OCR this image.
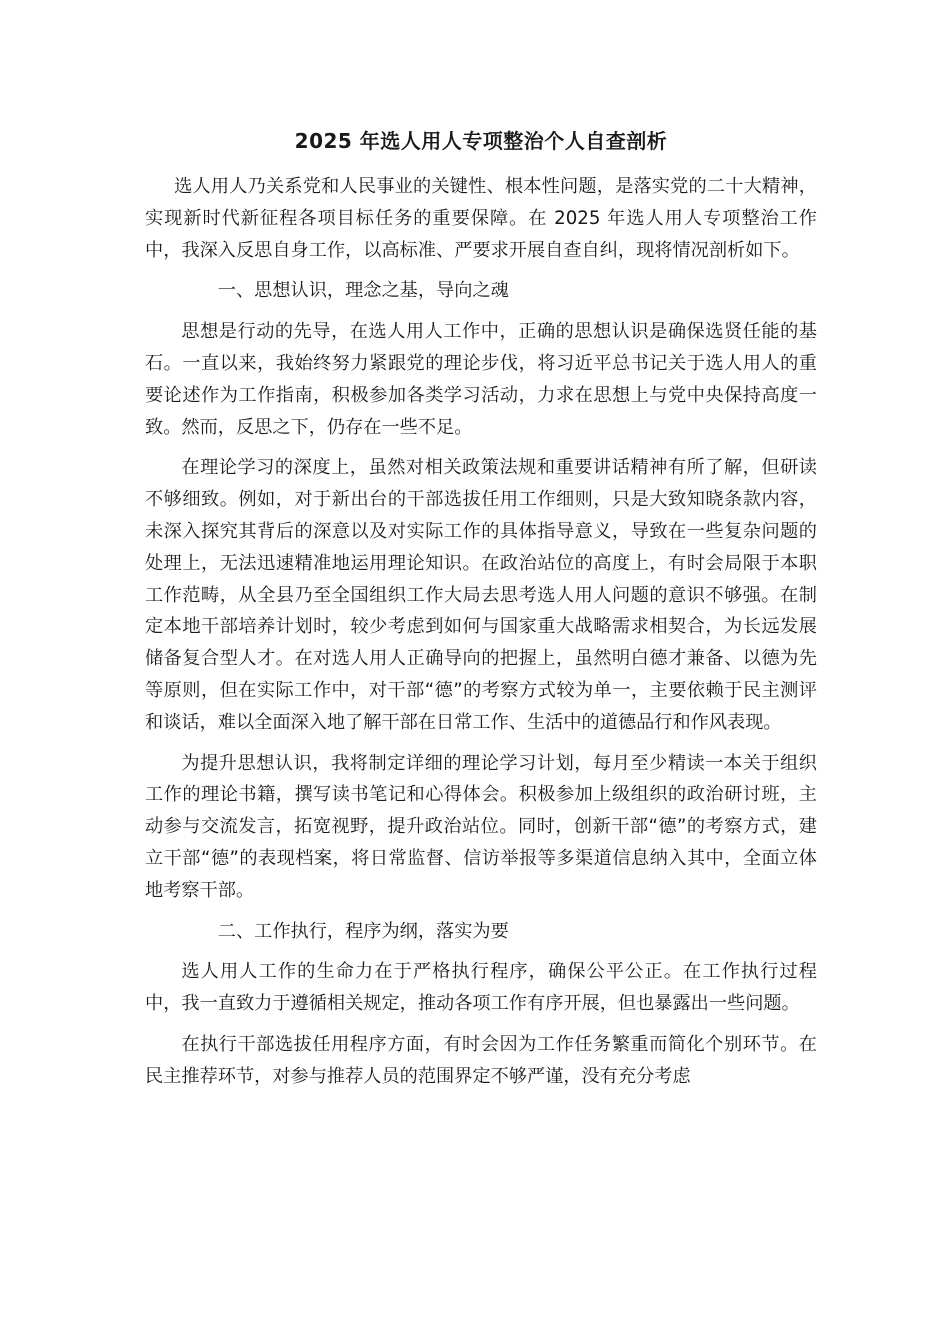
2025 年选人用人专项整治个人自查剖析

选人用人乃关系党和人民事业的关键性、根本性问题，是落实党的二十大精神，实现新时代新征程各项目标任务的重要保障。在 2025 年选人用人专项整治工作中，我深入反思自身工作，以高标准、严要求开展自查自纠，现将情况剖析如下。

一、思想认识，理念之基，导向之魂

思想是行动的先导，在选人用人工作中，正确的思想认识是确保选贤任能的基石。一直以来，我始终努力紧跟党的理论步伐，将习近平总书记关于选人用人的重要论述作为工作指南，积极参加各类学习活动，力求在思想上与党中央保持高度一致。然而，反思之下，仍存在一些不足。

在理论学习的深度上，虽然对相关政策法规和重要讲话精神有所了解，但研读不够细致。例如，对于新出台的干部选拔任用工作细则，只是大致知晓条款内容，未深入探究其背后的深意以及对实际工作的具体指导意义，导致在一些复杂问题的处理上，无法迅速精准地运用理论知识。在政治站位的高度上，有时会局限于本职工作范畴，从全县乃至全国组织工作大局去思考选人用人问题的意识不够强。在制定本地干部培养计划时，较少考虑到如何与国家重大战略需求相契合，为长远发展储备复合型人才。在对选人用人正确导向的把握上，虽然明白德才兼备、以德为先等原则，但在实际工作中，对干部“德”的考察方式较为单一，主要依赖于民主测评和谈话，难以全面深入地了解干部在日常工作、生活中的道德品行和作风表现。

为提升思想认识，我将制定详细的理论学习计划，每月至少精读一本关于组织工作的理论书籍，撰写读书笔记和心得体会。积极参加上级组织的政治研讨班，主动参与交流发言，拓宽视野，提升政治站位。同时，创新干部“德”的考察方式，建立干部“德”的表现档案，将日常监督、信访举报等多渠道信息纳入其中，全面立体地考察干部。

二、工作执行，程序为纲，落实为要

选人用人工作的生命力在于严格执行程序，确保公平公正。在工作执行过程中，我一直致力于遵循相关规定，推动各项工作有序开展，但也暴露出一些问题。

在执行干部选拔任用程序方面，有时会因为工作任务繁重而简化个别环节。在民主推荐环节，对参与推荐人员的范围界定不够严谨，没有充分考虑
